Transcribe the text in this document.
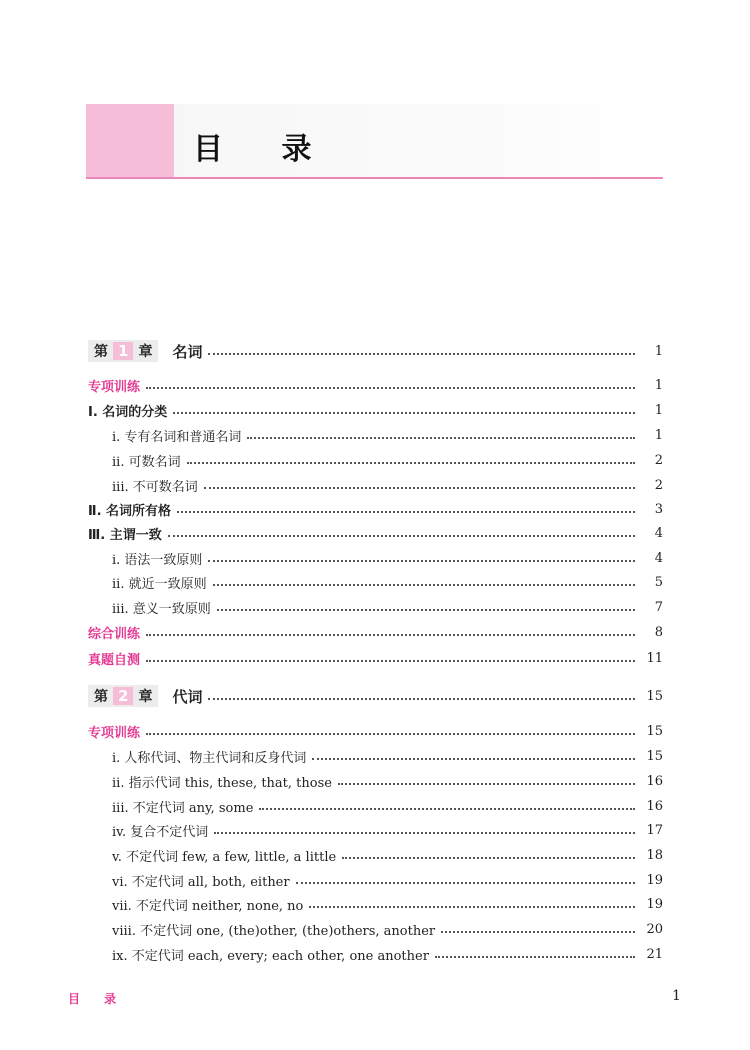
目 录
第 1 章 名词	1
专项训练	1
Ⅰ. 名词的分类	1
i. 专有名词和普通名词	1
ii. 可数名词	2
iii. 不可数名词	2
Ⅱ. 名词所有格	3
Ⅲ. 主谓一致	4
i. 语法一致原则	4
ii. 就近一致原则	5
iii. 意义一致原则	7
综合训练	8
真题自测	11
第 2 章 代词	15
专项训练	15
i. 人称代词、物主代词和反身代词	15
ii. 指示代词 this, these, that, those	16
iii. 不定代词 any, some	16
iv. 复合不定代词	17
v. 不定代词 few, a few, little, a little	18
vi. 不定代词 all, both, either	19
vii. 不定代词 neither, none, no	19
viii. 不定代词 one, (the)other, (the)others, another	20
ix. 不定代词 each, every; each other, one another	21
目 录	1
